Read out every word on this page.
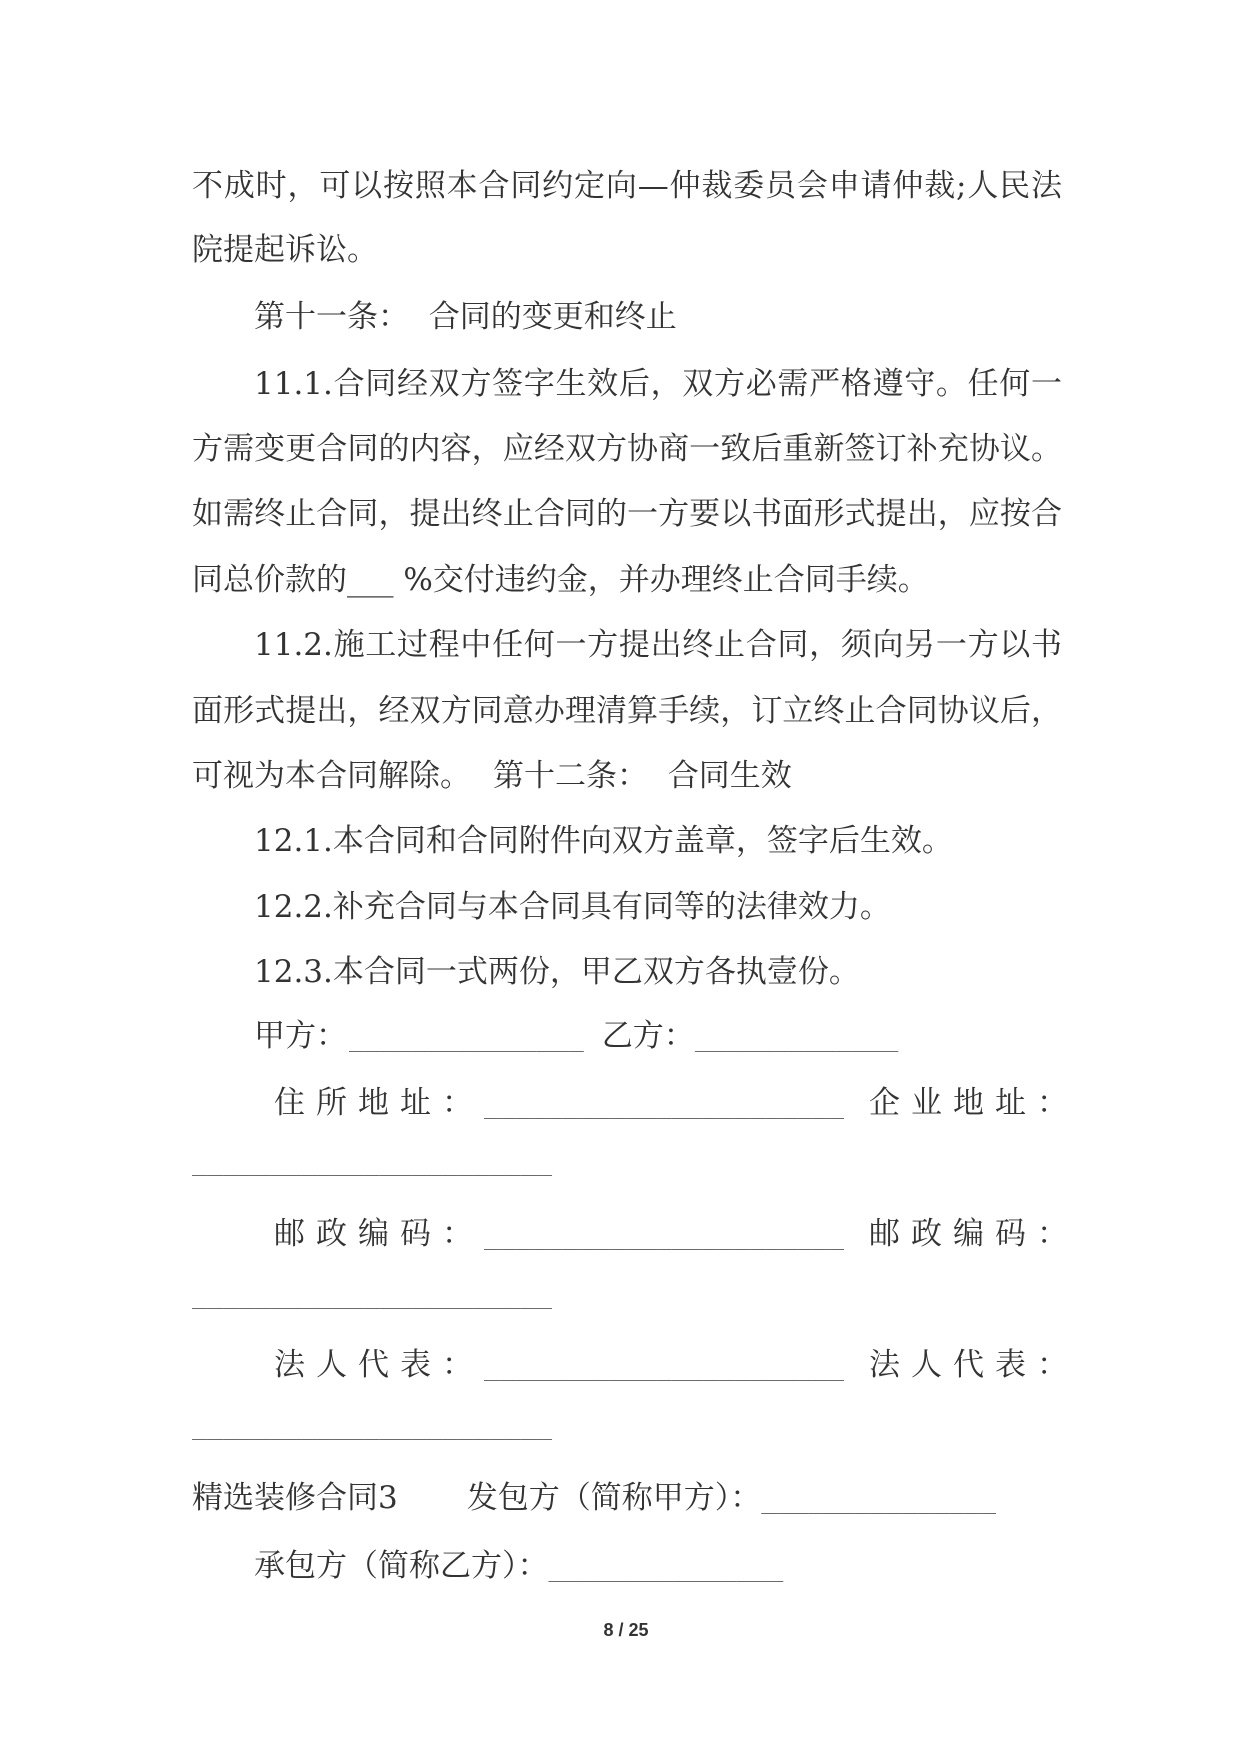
不成时，可以按照本合同约定向—仲裁委员会申请仲裁;人民法
院提起诉讼。
第十一条：  合同的变更和终止
11.1.合同经双方签字生效后，双方必需严格遵守。任何一
方需变更合同的内容，应经双方协商一致后重新签订补充协议。
如需终止合同，提出终止合同的一方要以书面形式提出，应按合
同总价款的___ %交付违约金，并办理终止合同手续。
11.2.施工过程中任何一方提出终止合同，须向另一方以书
面形式提出，经双方同意办理清算手续，订立终止合同协议后，
可视为本合同解除。 第十二条：  合同生效
12.1.本合同和合同附件向双方盖章，签字后生效。
12.2.补充合同与本合同具有同等的法律效力。
12.3.本合同一式两份，甲乙双方各执壹份。
甲方：_______________ 乙方：_____________
住所地址：_______________________ 企业地址：
_______________________
邮政编码：_______________________ 邮政编码：
_______________________
法人代表：_______________________ 法人代表：
_______________________
精选装修合同3 发包方（简称甲方）：_______________
承包方（简称乙方）：_______________
8 / 25
